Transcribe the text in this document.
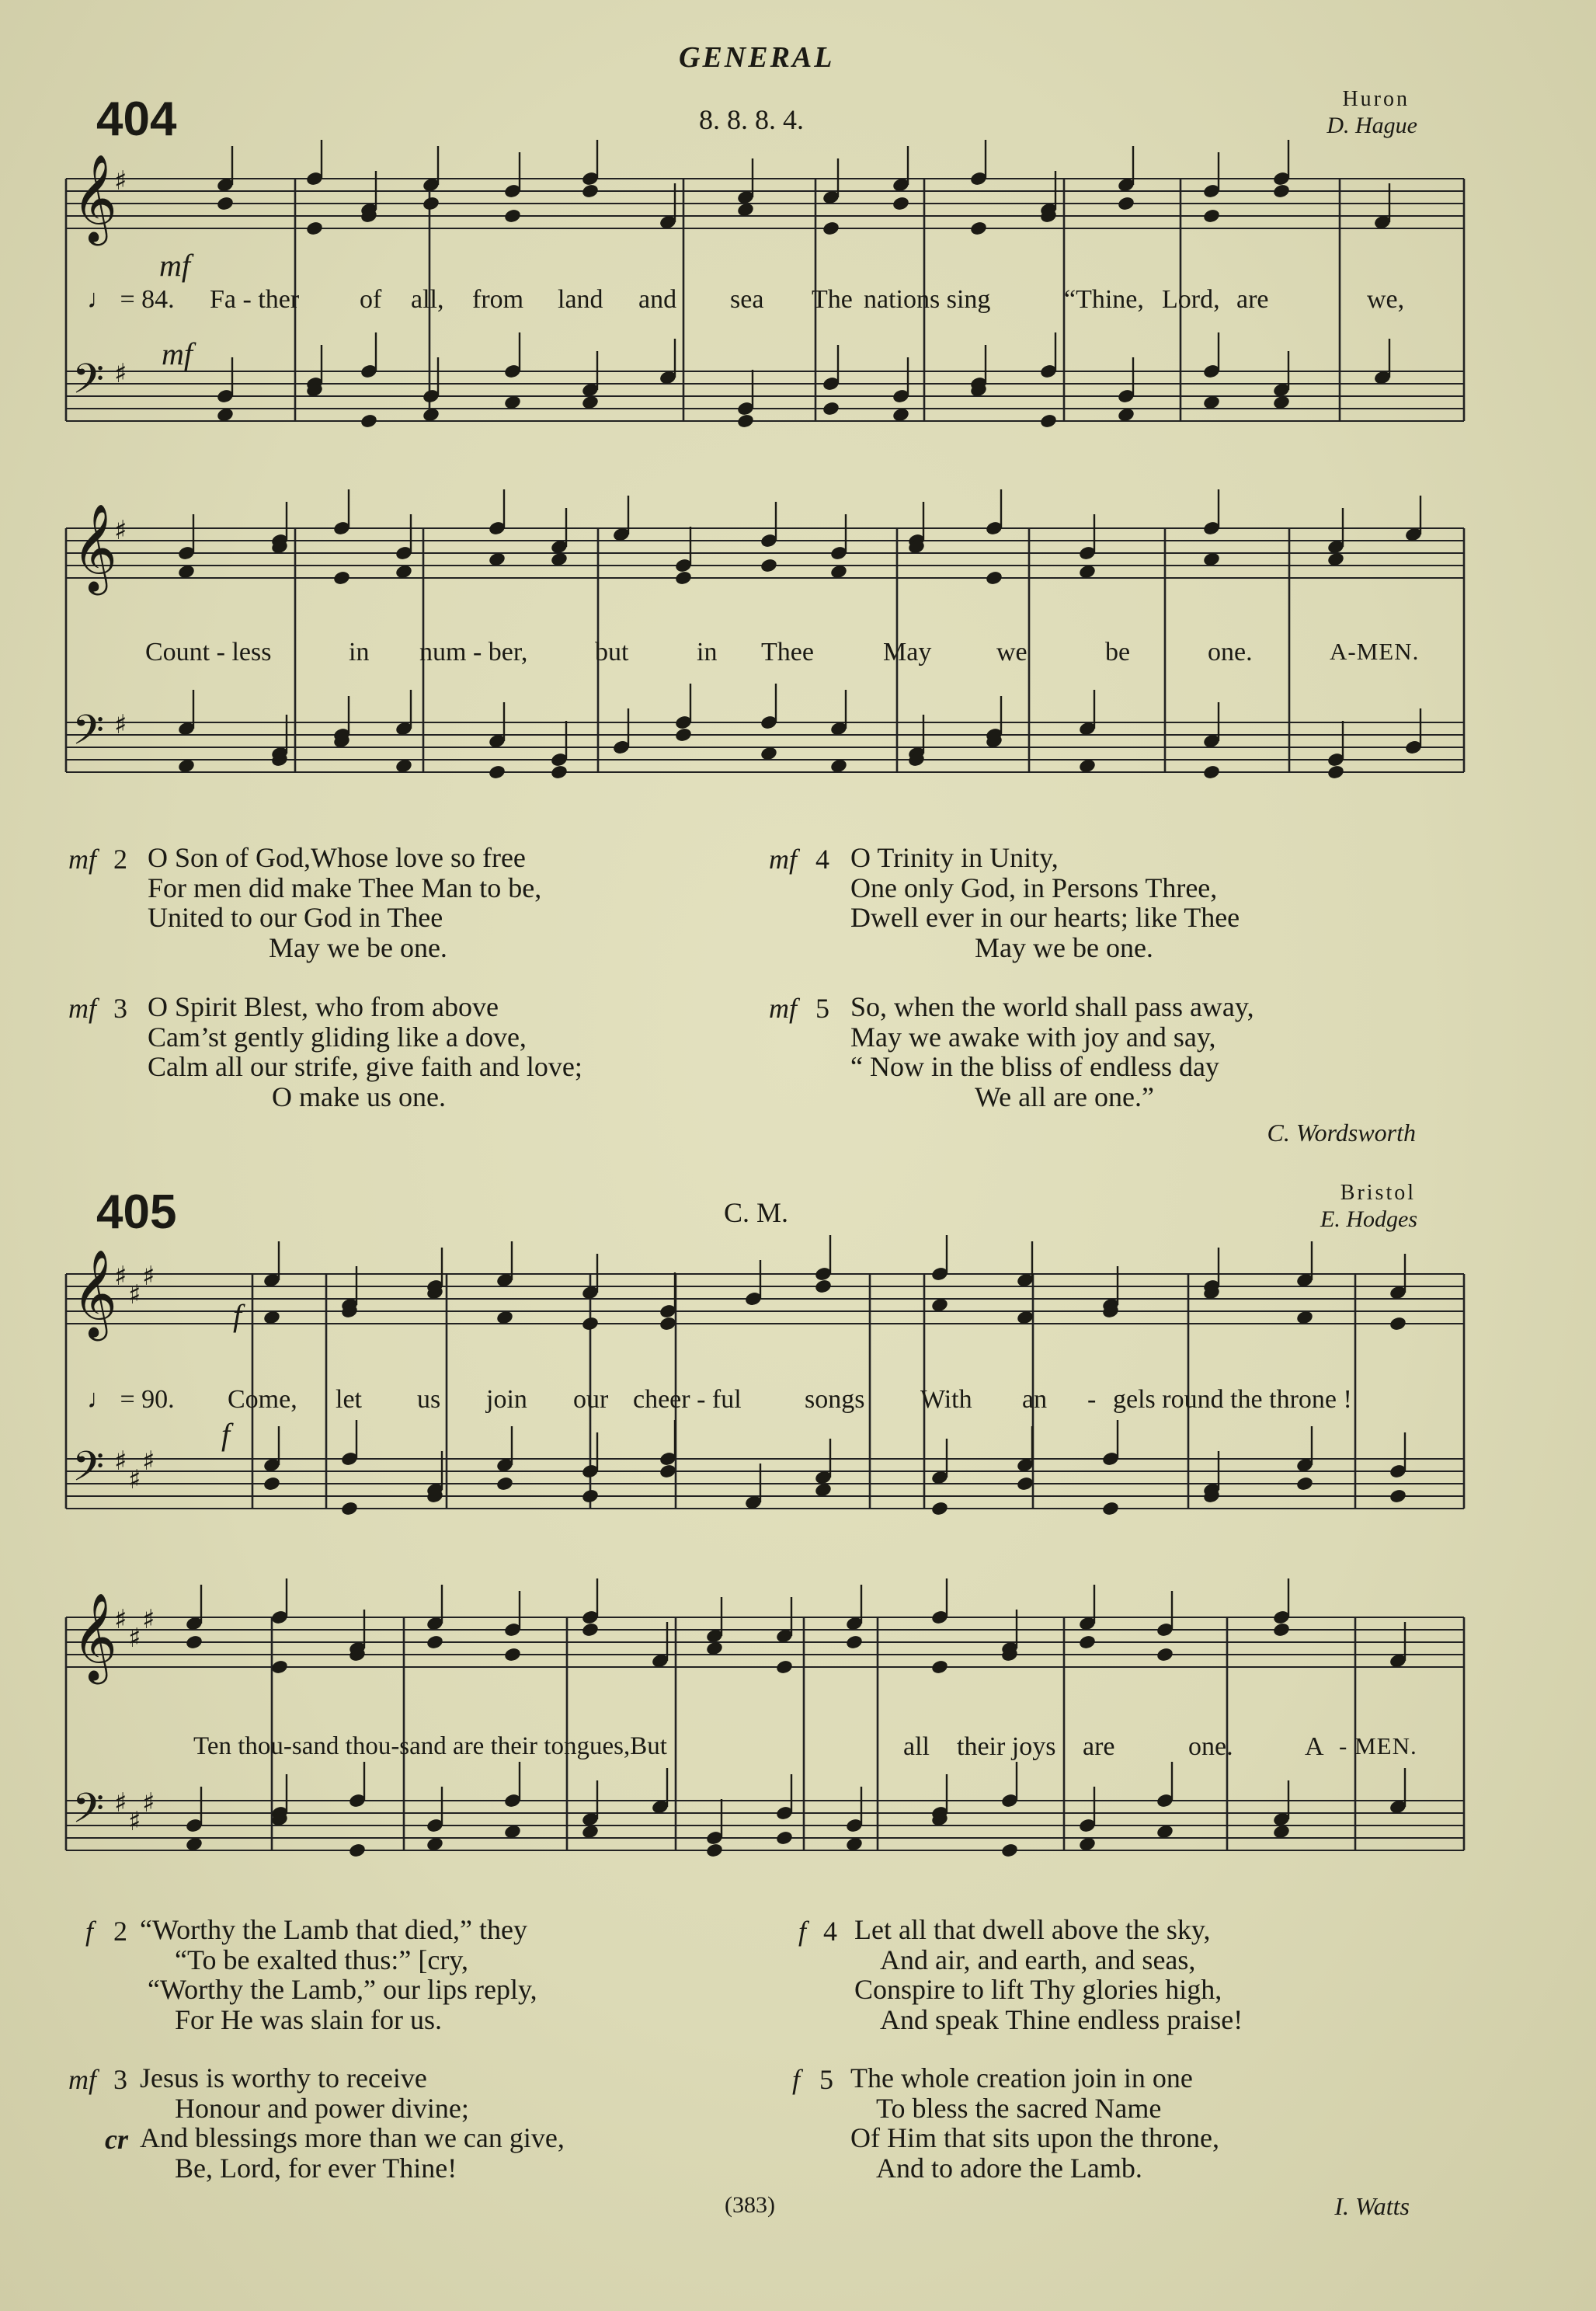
𝄞
♯
𝄢 ♯
𝄞
♯
𝄢 ♯
𝄞
♯
♯
♯
𝄢 ♯
♯
♯
𝄞
♯
♯
♯
𝄢 ♯
♯
♯
GENERAL
404	8. 8. 8. 4.
Huron
D. Hague
mf
mf
♩ = 84. Fa - ther of all, from land and sea The nations sing	“Thine, Lord, are	we,
Count - less	in num - ber,	but	in Thee	May we	be	one.	A-MEN.
mf 2 O Son of God,Whose love so free
For men did make Thee Man to be,
United to our God in Thee
May we be one.
mf 3 O Spirit Blest, who from above
Cam’st gently gliding like a dove,
Calm all our strife, give faith and love;
O make us one.
mf 4 O Trinity in Unity,
One only God, in Persons Three,
Dwell ever in our hearts; like Thee
May we be one.
mf 5 So, when the world shall pass away,
May we awake with joy and say,
“ Now in the bliss of endless day
We all are one.”
C. Wordsworth
405	C. M.
Bristol
E. Hodges
f
f
♩ = 90. Come, let us join our cheer - ful songs With an - gels round the throne !
Ten thou-sand thou-sand are their tongues,But	all their joys are	one.	A - MEN.
f 2 “Worthy the Lamb that died,” they
“To be exalted thus:” [cry,
“Worthy the Lamb,” our lips reply,
For He was slain for us.
mf 3
cr
Jesus is worthy to receive
Honour and power divine;
And blessings more than we can give,
Be, Lord, for ever Thine!
f 4 Let all that dwell above the sky,
And air, and earth, and seas,
Conspire to lift Thy glories high,
And speak Thine endless praise!
f 5 The whole creation join in one
To bless the sacred Name
Of Him that sits upon the throne,
And to adore the Lamb.
(383)	I. Watts
